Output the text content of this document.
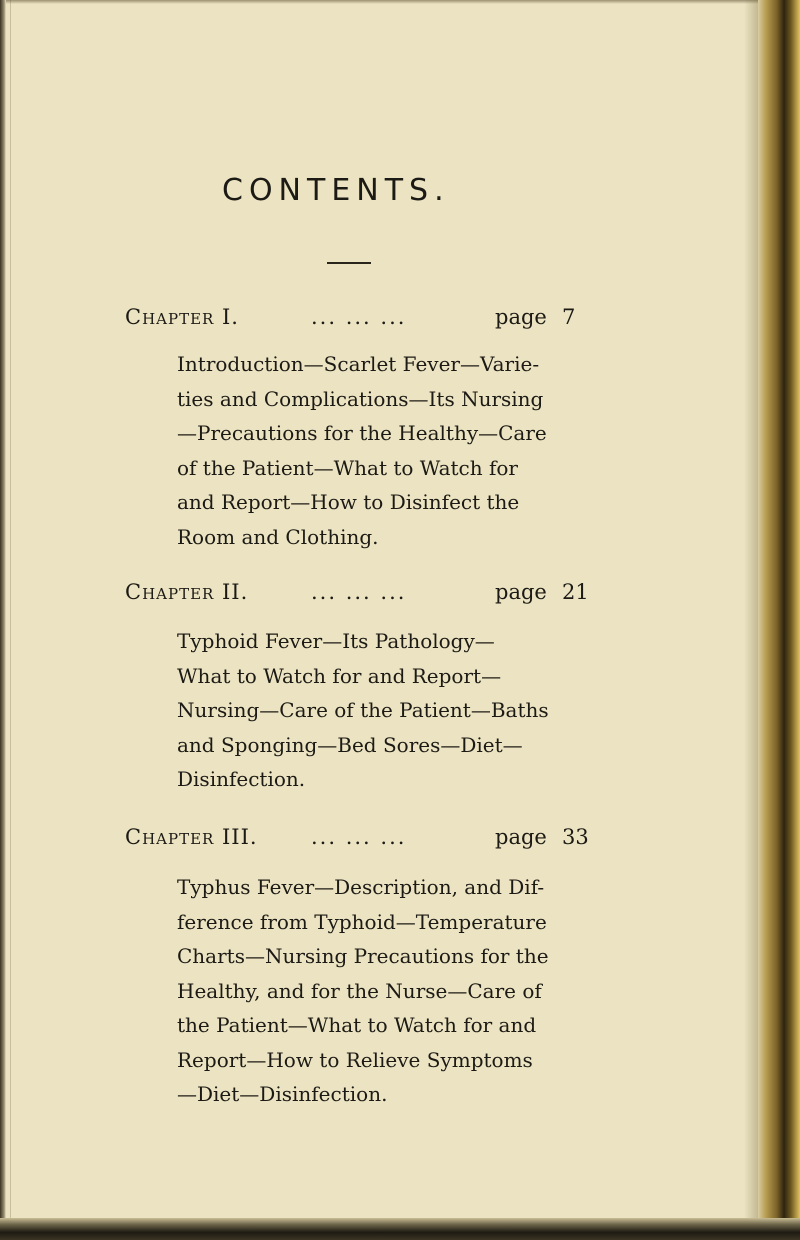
CONTENTS.
Chapter I.	... ... ...	page 7
Introduction—Scarlet Fever—Varie-
ties and Complications—Its Nursing
—Precautions for the Healthy—Care
of the Patient—What to Watch for
and Report—How to Disinfect the
Room and Clothing.
Chapter II.	... ... ...	page 21
Typhoid Fever—Its Pathology—
What to Watch for and Report—
Nursing—Care of the Patient—Baths
and Sponging—Bed Sores—Diet—
Disinfection.
Chapter III.	... ... ...	page 33
Typhus Fever—Description, and Dif-
ference from Typhoid—Temperature
Charts—Nursing Precautions for the
Healthy, and for the Nurse—Care of
the Patient—What to Watch for and
Report—How to Relieve Symptoms
—Diet—Disinfection.
